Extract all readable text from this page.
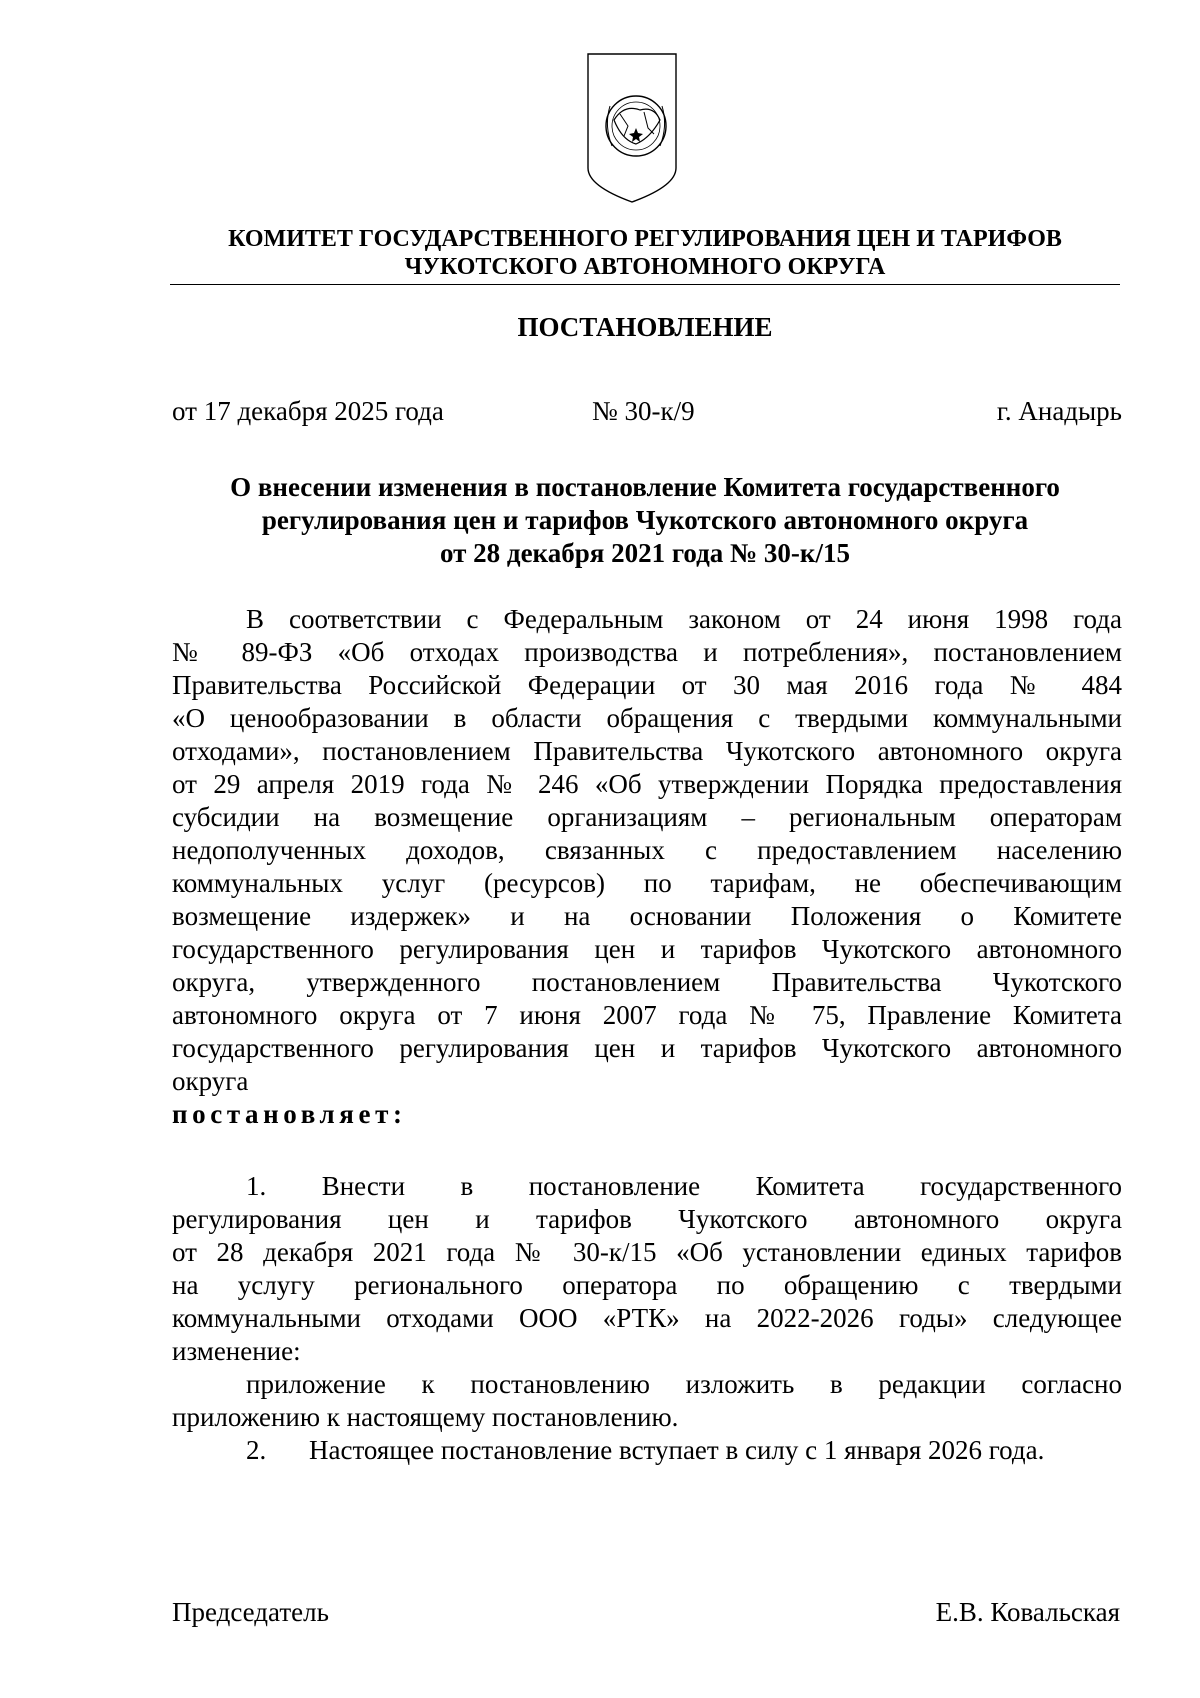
КОМИТЕТ ГОСУДАРСТВЕННОГО РЕГУЛИРОВАНИЯ ЦЕН И ТАРИФОВ
ЧУКОТСКОГО АВТОНОМНОГО ОКРУГА
ПОСТАНОВЛЕНИЕ
от 17 декабря 2025 года	№ 30-к/9	г. Анадырь
О внесении изменения в постановление Комитета государственного
регулирования цен и тарифов Чукотского автономного округа
от 28 декабря 2021 года № 30-к/15
В соответствии с Федеральным законом от 24 июня 1998 года
№ 89-ФЗ «Об отходах производства и потребления», постановлением
Правительства Российской Федерации от 30 мая 2016 года № 484
«О ценообразовании в области обращения с твердыми коммунальными
отходами», постановлением Правительства Чукотского автономного округа
от 29 апреля 2019 года № 246 «Об утверждении Порядка предоставления
субсидии на возмещение организациям – региональным операторам
недополученных доходов, связанных с предоставлением населению
коммунальных услуг (ресурсов) по тарифам, не обеспечивающим
возмещение издержек» и на основании Положения о Комитете
государственного регулирования цен и тарифов Чукотского автономного
округа, утвержденного постановлением Правительства Чукотского
автономного округа от 7 июня 2007 года № 75, Правление Комитета
государственного регулирования цен и тарифов Чукотского автономного
округа
постановляет:
1. Внести в постановление Комитета государственного
регулирования цен и тарифов Чукотского автономного округа
от 28 декабря 2021 года № 30-к/15 «Об установлении единых тарифов
на услугу регионального оператора по обращению с твердыми
коммунальными отходами ООО «РТК» на 2022-2026 годы» следующее
изменение:
приложение к постановлению изложить в редакции согласно
приложению к настоящему постановлению.
2. Настоящее постановление вступает в силу с 1 января 2026 года.
Председатель	Е.В. Ковальская
